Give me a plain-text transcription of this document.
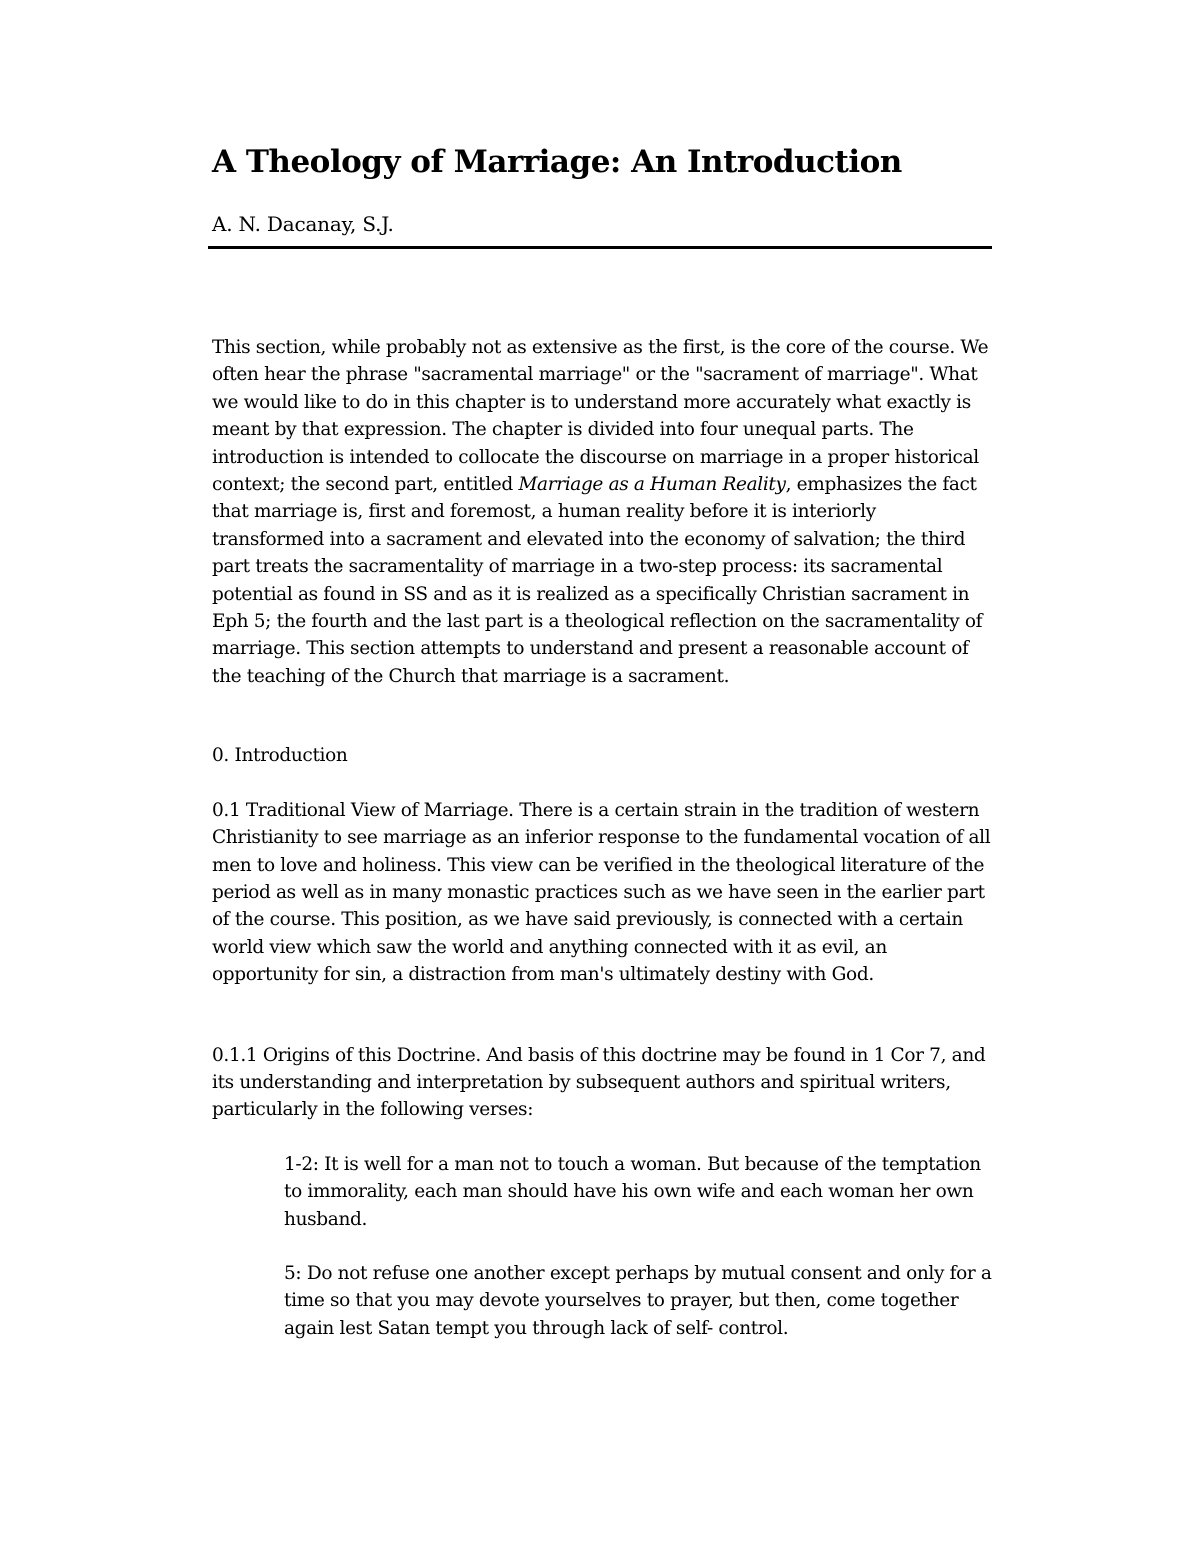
A Theology of Marriage: An Introduction

A. N. Dacanay, S.J.

This section, while probably not as extensive as the first, is the core of the course. We often hear the phrase "sacramental marriage" or the "sacrament of marriage". What we would like to do in this chapter is to understand more accurately what exactly is meant by that expression. The chapter is divided into four unequal parts. The introduction is intended to collocate the discourse on marriage in a proper historical context; the second part, entitled Marriage as a Human Reality, emphasizes the fact that marriage is, first and foremost, a human reality before it is interiorly transformed into a sacrament and elevated into the economy of salvation; the third part treats the sacramentality of marriage in a two-step process: its sacramental potential as found in SS and as it is realized as a specifically Christian sacrament in Eph 5; the fourth and the last part is a theological reflection on the sacramentality of marriage. This section attempts to understand and present a reasonable account of the teaching of the Church that marriage is a sacrament.

0. Introduction

0.1 Traditional View of Marriage. There is a certain strain in the tradition of western Christianity to see marriage as an inferior response to the fundamental vocation of all men to love and holiness. This view can be verified in the theological literature of the period as well as in many monastic practices such as we have seen in the earlier part of the course. This position, as we have said previously, is connected with a certain world view which saw the world and anything connected with it as evil, an opportunity for sin, a distraction from man's ultimately destiny with God.

0.1.1 Origins of this Doctrine. And basis of this doctrine may be found in 1 Cor 7, and its understanding and interpretation by subsequent authors and spiritual writers, particularly in the following verses:

1-2: It is well for a man not to touch a woman. But because of the temptation to immorality, each man should have his own wife and each woman her own husband.

5: Do not refuse one another except perhaps by mutual consent and only for a time so that you may devote yourselves to prayer, but then, come together again lest Satan tempt you through lack of self- control.
